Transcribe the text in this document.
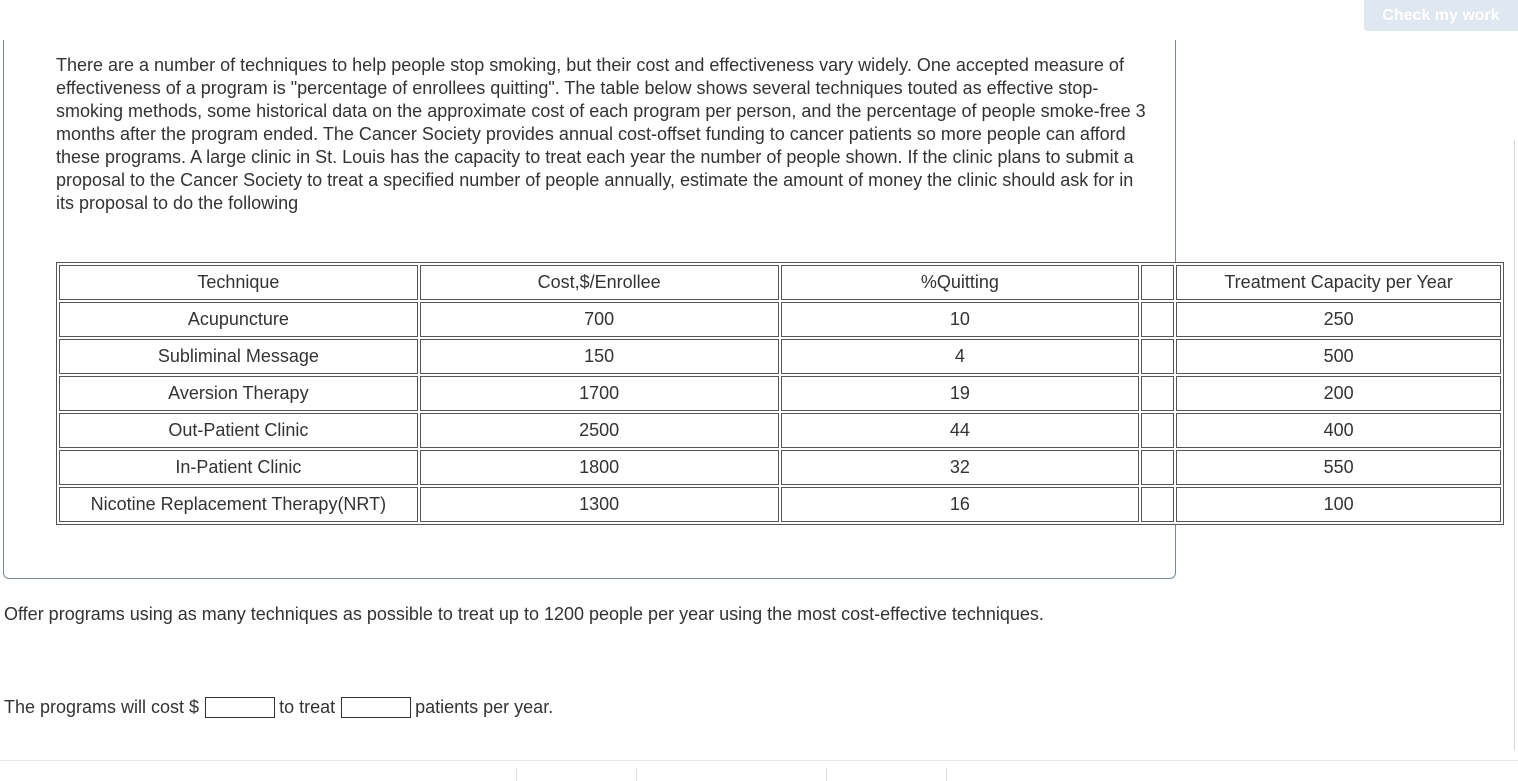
Check my work

There are a number of techniques to help people stop smoking, but their cost and effectiveness vary widely. One accepted measure of effectiveness of a program is "percentage of enrollees quitting". The table below shows several techniques touted as effective stop-smoking methods, some historical data on the approximate cost of each program per person, and the percentage of people smoke-free 3 months after the program ended. The Cancer Society provides annual cost-offset funding to cancer patients so more people can afford these programs. A large clinic in St. Louis has the capacity to treat each year the number of people shown. If the clinic plans to submit a proposal to the Cancer Society to treat a specified number of people annually, estimate the amount of money the clinic should ask for in its proposal to do the following

Technique	Cost,$/Enrollee	%Quitting		Treatment Capacity per Year
Acupuncture	700	10		250
Subliminal Message	150	4		500
Aversion Therapy	1700	19		200
Out-Patient Clinic	2500	44		400
In-Patient Clinic	1800	32		550
Nicotine Replacement Therapy(NRT)	1300	16		100

Offer programs using as many techniques as possible to treat up to 1200 people per year using the most cost-effective techniques.

The programs will cost $	to treat	patients per year.
